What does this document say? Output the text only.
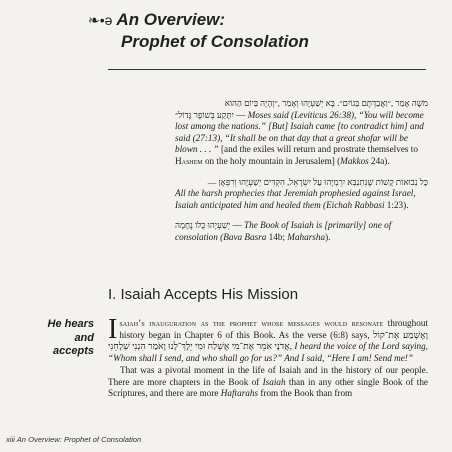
❧•ə An Overview:
Prophet of Consolation
מֹשֶׁה אָמַר ,״וַאֲבַדְתֶּם בַּגוֹיִם״. בָּא יְשַׁעְיָהוּ וְאָמַר ,״וְהָיָה בַּיוֹם הַהוּא
יִתָּקַע בְּשׁוֹפָר גָּדוֹל״ — Moses said (Leviticus 26:38), “You will become lost among the nations.” [But] Isaiah came [to contradict him] and said (27:13), “It shall be on that day that a great shofar will be blown . . . ” [and the exiles will return and prostrate themselves to Hashem on the holy mountain in Jerusalem] (Makkos 24a).
כָּל נְבוּאוֹת קָשׁוֹת שֶׁנִּתְנַבְּא יִרְמְיָהוּ עַל יִשְׂרָאֵל, הִקְדִּים יְשַׁעְיָהוּ וְרִפְּאָן —
All the harsh prophecies that Jeremiah prophesied against Israel, Isaiah anticipated him and healed them (Eichah Rabbasi 1:23).
יְשַׁעְיָהוּ כֻּלוֹ נֶחָמָה — The Book of Isaiah is [primarily] one of consolation (Bava Basra 14b; Maharsha).
I. Isaiah Accepts His Mission
He hears
and
accepts

Isaiah’s inauguration as the prophet whose messages would resonate throughout history began in Chapter 6 of this Book. As the verse (6:8) says, וָאֶשְׁמַע אֶת־קוֹל אֲדֹנָי אֹמֵר אֶת־מִי אֶשְׁלַח וּמִי יֵלֶךְ־לָנוּ וָאֹמַר הִנְנִי שְׁלָחֵנִי, I heard the voice of the Lord saying, “Whom shall I send, and who shall go for us?” And I said, “Here I am! Send me!”

That was a pivotal moment in the life of Isaiah and in the history of our people. There are more chapters in the Book of Isaiah than in any other single Book of the Scriptures, and there are more Haftarahs from the Book than from

xiii An Overview: Prophet of Consolation
